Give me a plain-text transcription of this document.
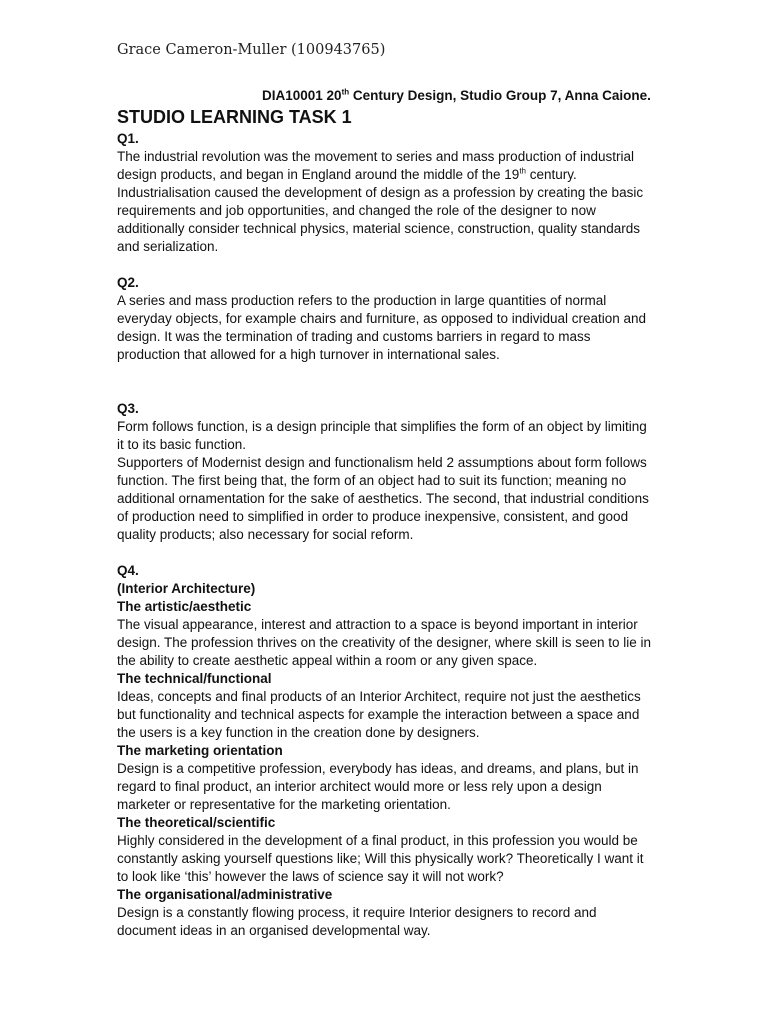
Grace Cameron-Muller (100943765)
DIA10001 20th Century Design, Studio Group 7, Anna Caione.
STUDIO LEARNING TASK 1

Q1.

The industrial revolution was the movement to series and mass production of industrial design products, and began in England around the middle of the 19th century. Industrialisation caused the development of design as a profession by creating the basic requirements and job opportunities, and changed the role of the designer to now additionally consider technical physics, material science, construction, quality standards and serialization.

Q2.

A series and mass production refers to the production in large quantities of normal everyday objects, for example chairs and furniture, as opposed to individual creation and design. It was the termination of trading and customs barriers in regard to mass production that allowed for a high turnover in international sales.

Q3.

Form follows function, is a design principle that simplifies the form of an object by limiting it to its basic function.

Supporters of Modernist design and functionalism held 2 assumptions about form follows function. The first being that, the form of an object had to suit its function; meaning no additional ornamentation for the sake of aesthetics. The second, that industrial conditions of production need to simplified in order to produce inexpensive, consistent, and good quality products; also necessary for social reform.

Q4.

(Interior Architecture)

The artistic/aesthetic

The visual appearance, interest and attraction to a space is beyond important in interior design. The profession thrives on the creativity of the designer, where skill is seen to lie in the ability to create aesthetic appeal within a room or any given space.

The technical/functional

Ideas, concepts and final products of an Interior Architect, require not just the aesthetics but functionality and technical aspects for example the interaction between a space and the users is a key function in the creation done by designers.

The marketing orientation

Design is a competitive profession, everybody has ideas, and dreams, and plans, but in regard to final product, an interior architect would more or less rely upon a design marketer or representative for the marketing orientation.

The theoretical/scientific

Highly considered in the development of a final product, in this profession you would be constantly asking yourself questions like; Will this physically work? Theoretically I want it to look like ‘this’ however the laws of science say it will not work?

The organisational/administrative

Design is a constantly flowing process, it require Interior designers to record and document ideas in an organised developmental way.
